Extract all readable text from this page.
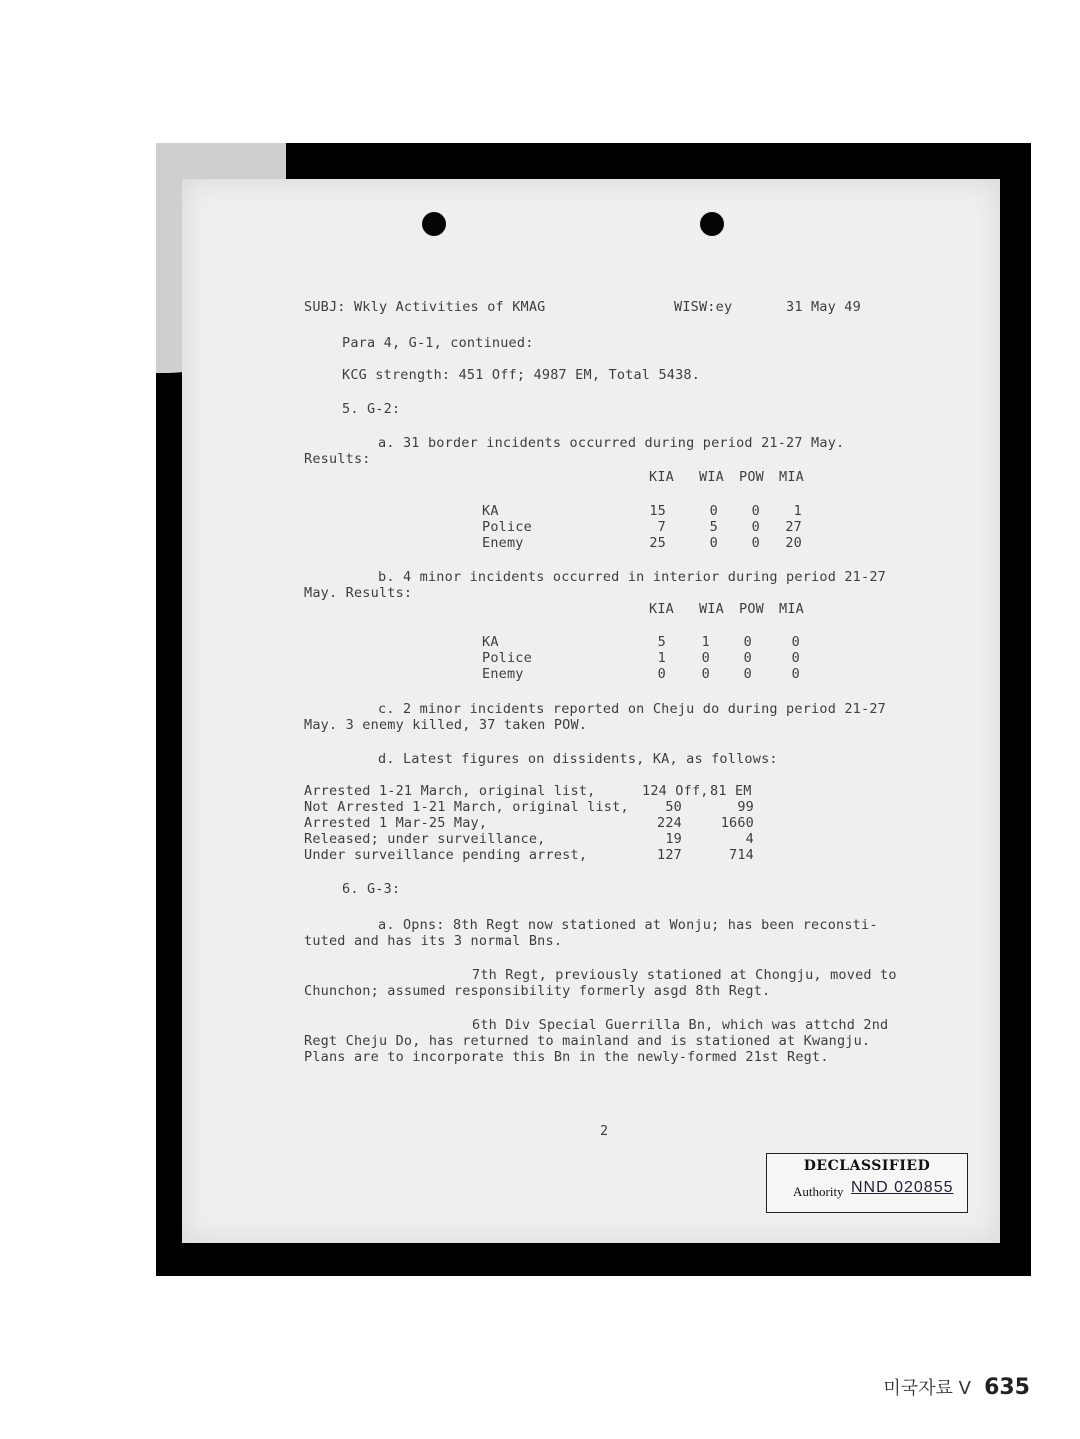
SUBJ: Wkly Activities of KMAG	WISW:ey	31 May 49
Para 4, G-1, continued:
KCG strength: 451 Off; 4987 EM, Total 5438.
5. G-2:
a. 31 border incidents occurred during period 21-27 May.
Results:
KIA	WIA	POW	MIA
KA	15	0	0	1
Police	7	5	0	27
Enemy	25	0	0	20
b. 4 minor incidents occurred in interior during period 21-27
May. Results:
KIA	WIA	POW	MIA
KA	5	1	0	0
Police	1	0	0	0
Enemy	0	0	0	0
c. 2 minor incidents reported on Cheju do during period 21-27
May. 3 enemy killed, 37 taken POW.
d. Latest figures on dissidents, KA, as follows:
Arrested 1-21 March, original list,	124 Off, 81 EM
Not Arrested 1-21 March, original list,	50	99
Arrested 1 Mar-25 May,	224	1660
Released; under surveillance,	19	4
Under surveillance pending arrest,	127	714
6. G-3:
a. Opns: 8th Regt now stationed at Wonju; has been reconsti-
tuted and has its 3 normal Bns.
7th Regt, previously stationed at Chongju, moved to
Chunchon; assumed responsibility formerly asgd 8th Regt.
6th Div Special Guerrilla Bn, which was attchd 2nd
Regt Cheju Do, has returned to mainland and is stationed at Kwangju.
Plans are to incorporate this Bn in the newly-formed 21st Regt.
2
DECLASSIFIED
Authority NND 020855
미국자료 Ⅴ 635
